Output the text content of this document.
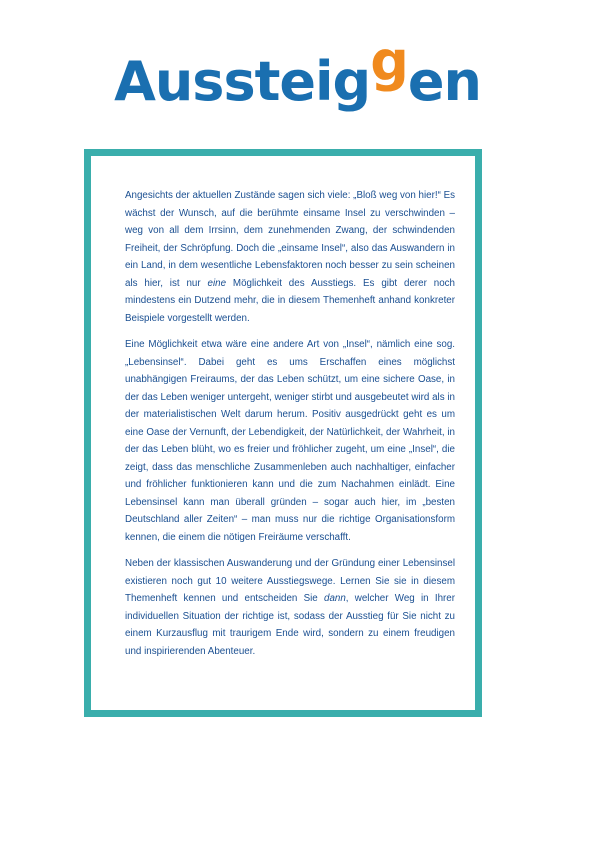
Aussteiggen

Angesichts der aktuellen Zustände sagen sich viele: „Bloß weg von hier!“ Es wächst der Wunsch, auf die berühmte einsame Insel zu verschwinden – weg von all dem Irrsinn, dem zunehmenden Zwang, der schwindenden Freiheit, der Schröpfung. Doch die „einsame Insel“, also das Auswandern in ein Land, in dem wesentliche Lebensfaktoren noch besser zu sein scheinen als hier, ist nur eine Möglichkeit des Ausstiegs. Es gibt derer noch mindestens ein Dutzend mehr, die in diesem Themenheft anhand konkreter Beispiele vorgestellt werden.

Eine Möglichkeit etwa wäre eine andere Art von „Insel“, nämlich eine sog. „Lebensinsel“. Dabei geht es ums Erschaffen eines möglichst unabhängigen Freiraums, der das Leben schützt, um eine sichere Oase, in der das Leben weniger untergeht, weniger stirbt und ausgebeutet wird als in der materialistischen Welt darum herum. Positiv ausgedrückt geht es um eine Oase der Vernunft, der Lebendigkeit, der Natürlichkeit, der Wahrheit, in der das Leben blüht, wo es freier und fröhlicher zugeht, um eine „Insel“, die zeigt, dass das menschliche Zusammenleben auch nachhaltiger, einfacher und fröhlicher funktionieren kann und die zum Nachahmen einlädt. Eine Lebensinsel kann man überall gründen – sogar auch hier, im „besten Deutschland aller Zeiten“ – man muss nur die richtige Organisationsform kennen, die einem die nötigen Freiräume verschafft.

Neben der klassischen Auswanderung und der Gründung einer Lebensinsel existieren noch gut 10 weitere Ausstiegswege. Lernen Sie sie in diesem Themenheft kennen und entscheiden Sie dann, welcher Weg in Ihrer individuellen Situation der richtige ist, sodass der Ausstieg für Sie nicht zu einem Kurzausflug mit traurigem Ende wird, sondern zu einem freudigen und inspirierenden Abenteuer.
